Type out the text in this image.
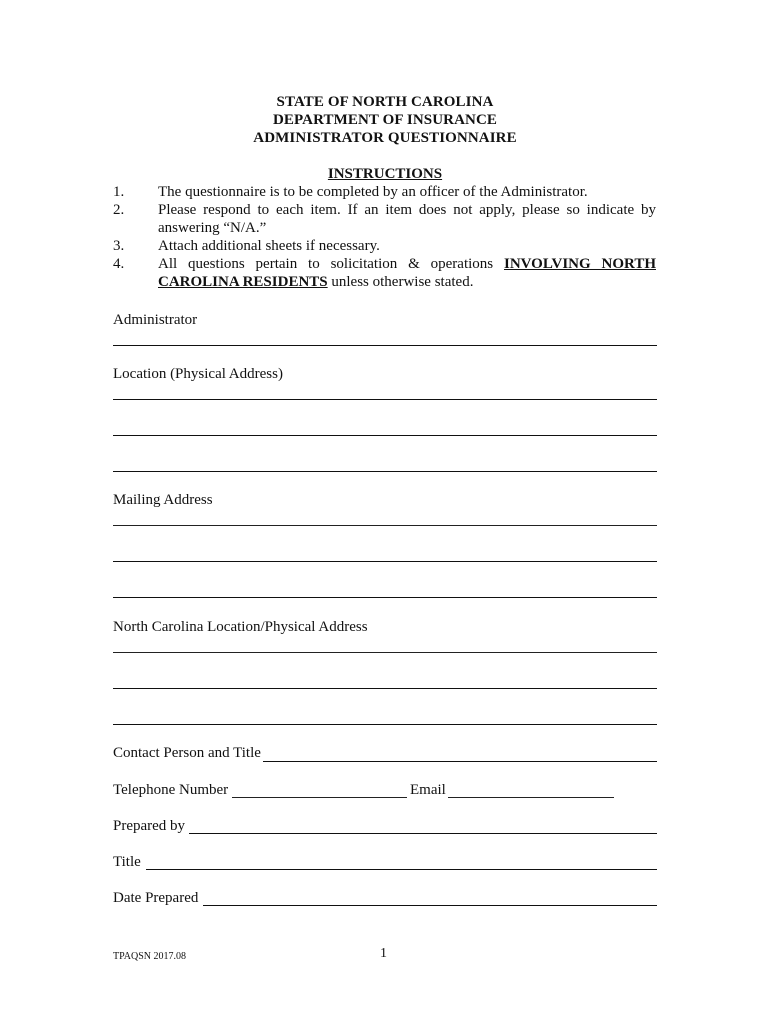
STATE OF NORTH CAROLINA
DEPARTMENT OF INSURANCE
ADMINISTRATOR QUESTIONNAIRE
INSTRUCTIONS
1. The questionnaire is to be completed by an officer of the Administrator.
2. Please respond to each item. If an item does not apply, please so indicate by
answering “N/A.”
3. Attach additional sheets if necessary.
4. All questions pertain to solicitation & operations INVOLVING NORTH
CAROLINA RESIDENTS unless otherwise stated.
Administrator
Location (Physical Address)
Mailing Address
North Carolina Location/Physical Address
Contact Person and Title
Telephone Number	Email
Prepared by
Title
Date Prepared
TPAQSN 2017.08	1
